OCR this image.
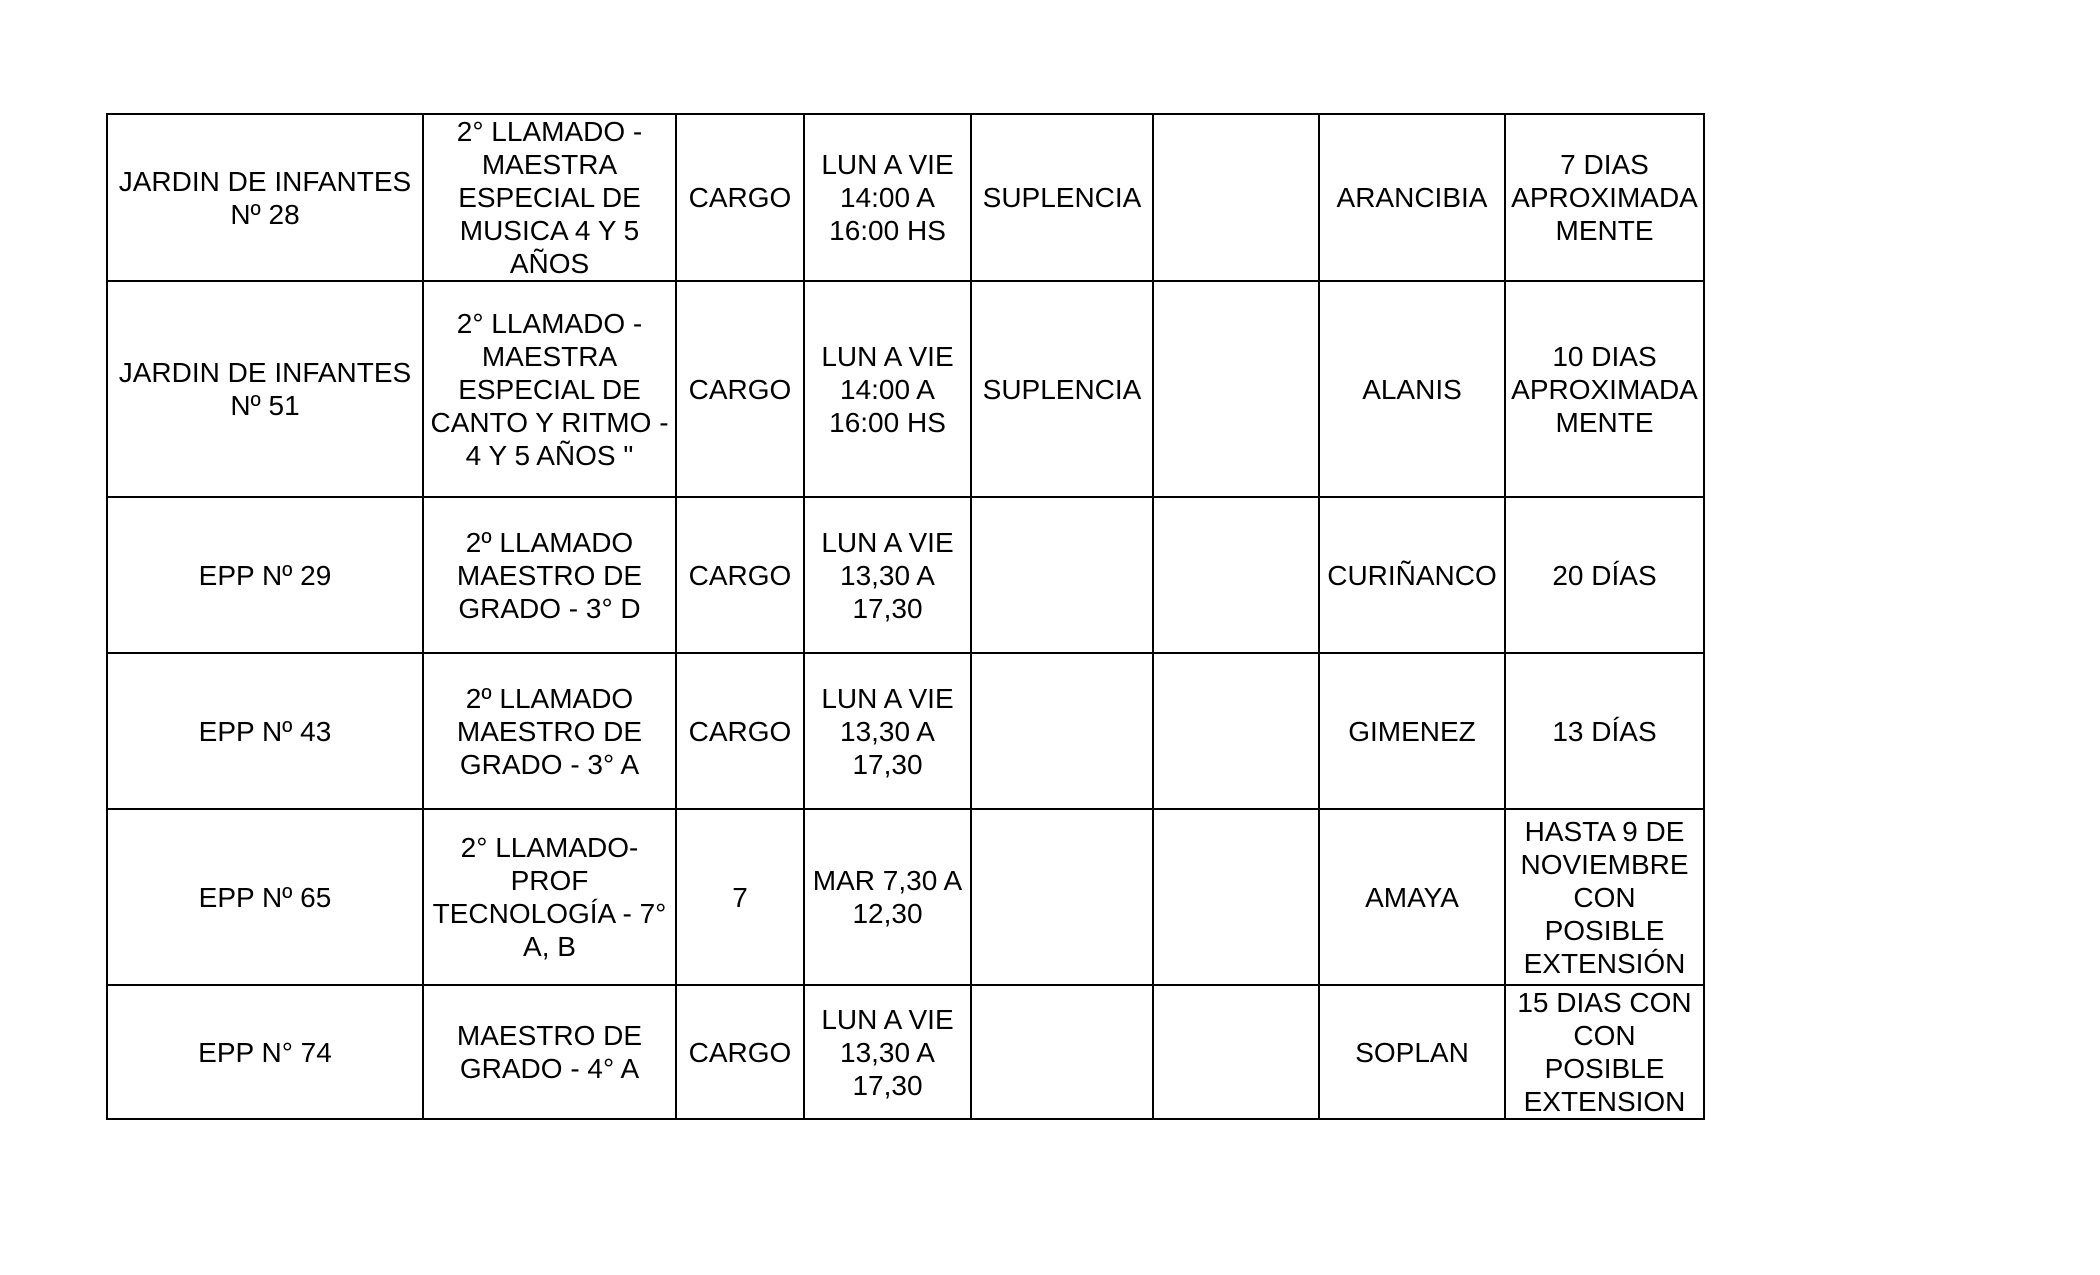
JARDIN DE INFANTES
Nº 28	2° LLAMADO -
MAESTRA
ESPECIAL DE
MUSICA 4 Y 5
AÑOS	CARGO	LUN A VIE
14:00 A
16:00 HS	SUPLENCIA		ARANCIBIA	7 DIAS
APROXIMADA
MENTE
JARDIN DE INFANTES
Nº 51	2° LLAMADO -
MAESTRA
ESPECIAL DE
CANTO Y RITMO -
4 Y 5 AÑOS "	CARGO	LUN A VIE
14:00 A
16:00 HS	SUPLENCIA		ALANIS	10 DIAS
APROXIMADA
MENTE
EPP Nº 29	2º LLAMADO
MAESTRO DE
GRADO - 3° D	CARGO	LUN A VIE
13,30 A
17,30			CURIÑANCO	20 DÍAS
EPP Nº 43	2º LLAMADO
MAESTRO DE
GRADO - 3° A	CARGO	LUN A VIE
13,30 A
17,30			GIMENEZ	13 DÍAS
EPP Nº 65	2° LLAMADO-
PROF
TECNOLOGÍA - 7°
A, B	7	MAR 7,30 A
12,30			AMAYA	HASTA 9 DE
NOVIEMBRE
CON POSIBLE
EXTENSIÓN
EPP N° 74	MAESTRO DE
GRADO - 4° A	CARGO	LUN A VIE
13,30 A
17,30			SOPLAN	15 DIAS CON
CON POSIBLE
EXTENSION
